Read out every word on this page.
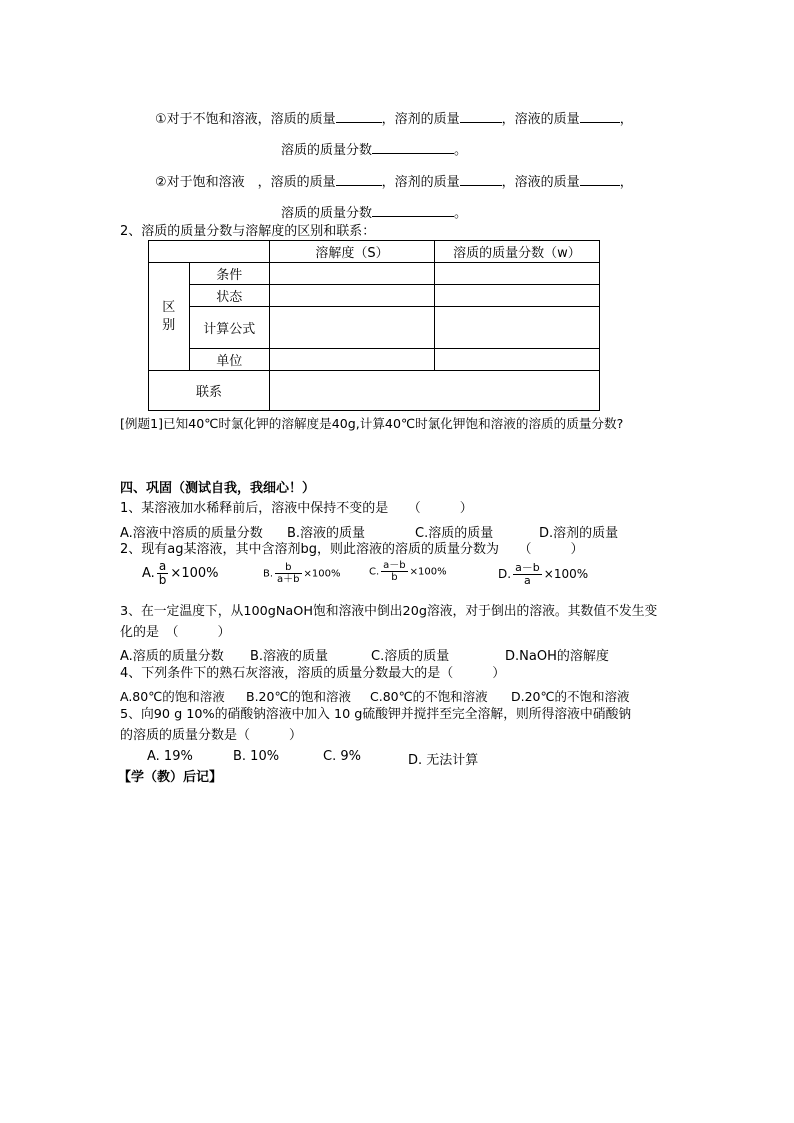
①对于不饱和溶液，溶质的质量	，溶剂的质量	，溶液的质量	，
溶质的质量分数	。
②对于饱和溶液　，溶质的质量	，溶剂的质量	，溶液的质量	，
溶质的质量分数	。
2、溶质的质量分数与溶解度的区别和联系：
		溶解度（S）	溶质的质量分数（w）
区
别	条件		
	状态		
	计算公式		
	单位		
联系			
[例题1]已知40℃时氯化钾的溶解度是40g,计算40℃时氯化钾饱和溶液的溶质的质量分数?
四、巩固（测试自我，我细心！）
1、某溶液加水稀释前后，溶液中保持不变的是　　（　　　）
A.溶液中溶质的质量分数 B.溶液的质量	C.溶质的质量	D.溶剂的质量
2、现有ag某溶液，其中含溶剂bg，则此溶液的溶质的质量分数为　　（　　　）
A. $\frac{a}{b} \times 100\%$	B. $\frac{b}{a+b} \times 100\%$	C. $\frac{a-b}{b} \times 100\%$	D. $\frac{a-b}{a} \times 100\%$
3、在一定温度下，从100gNaOH饱和溶液中倒出20g溶液，对于倒出的溶液。其数值不发生变
化的是　（　　　）
A.溶质的质量分数 B.溶液的质量	C.溶质的质量	D.NaOH的溶解度
4、下列条件下的熟石灰溶液，溶质的质量分数最大的是（　　　）
A.80℃的饱和溶液 B.20℃的饱和溶液 C.80℃的不饱和溶液 D.20℃的不饱和溶液
5、向90 g 10%的硝酸钠溶液中加入 10 g硫酸钾并搅拌至完全溶解，则所得溶液中硝酸钠
的溶质的质量分数是（　　　）
A. 19%	B. 10%	C. 9%	D. 无法计算
【学（教）后记】
